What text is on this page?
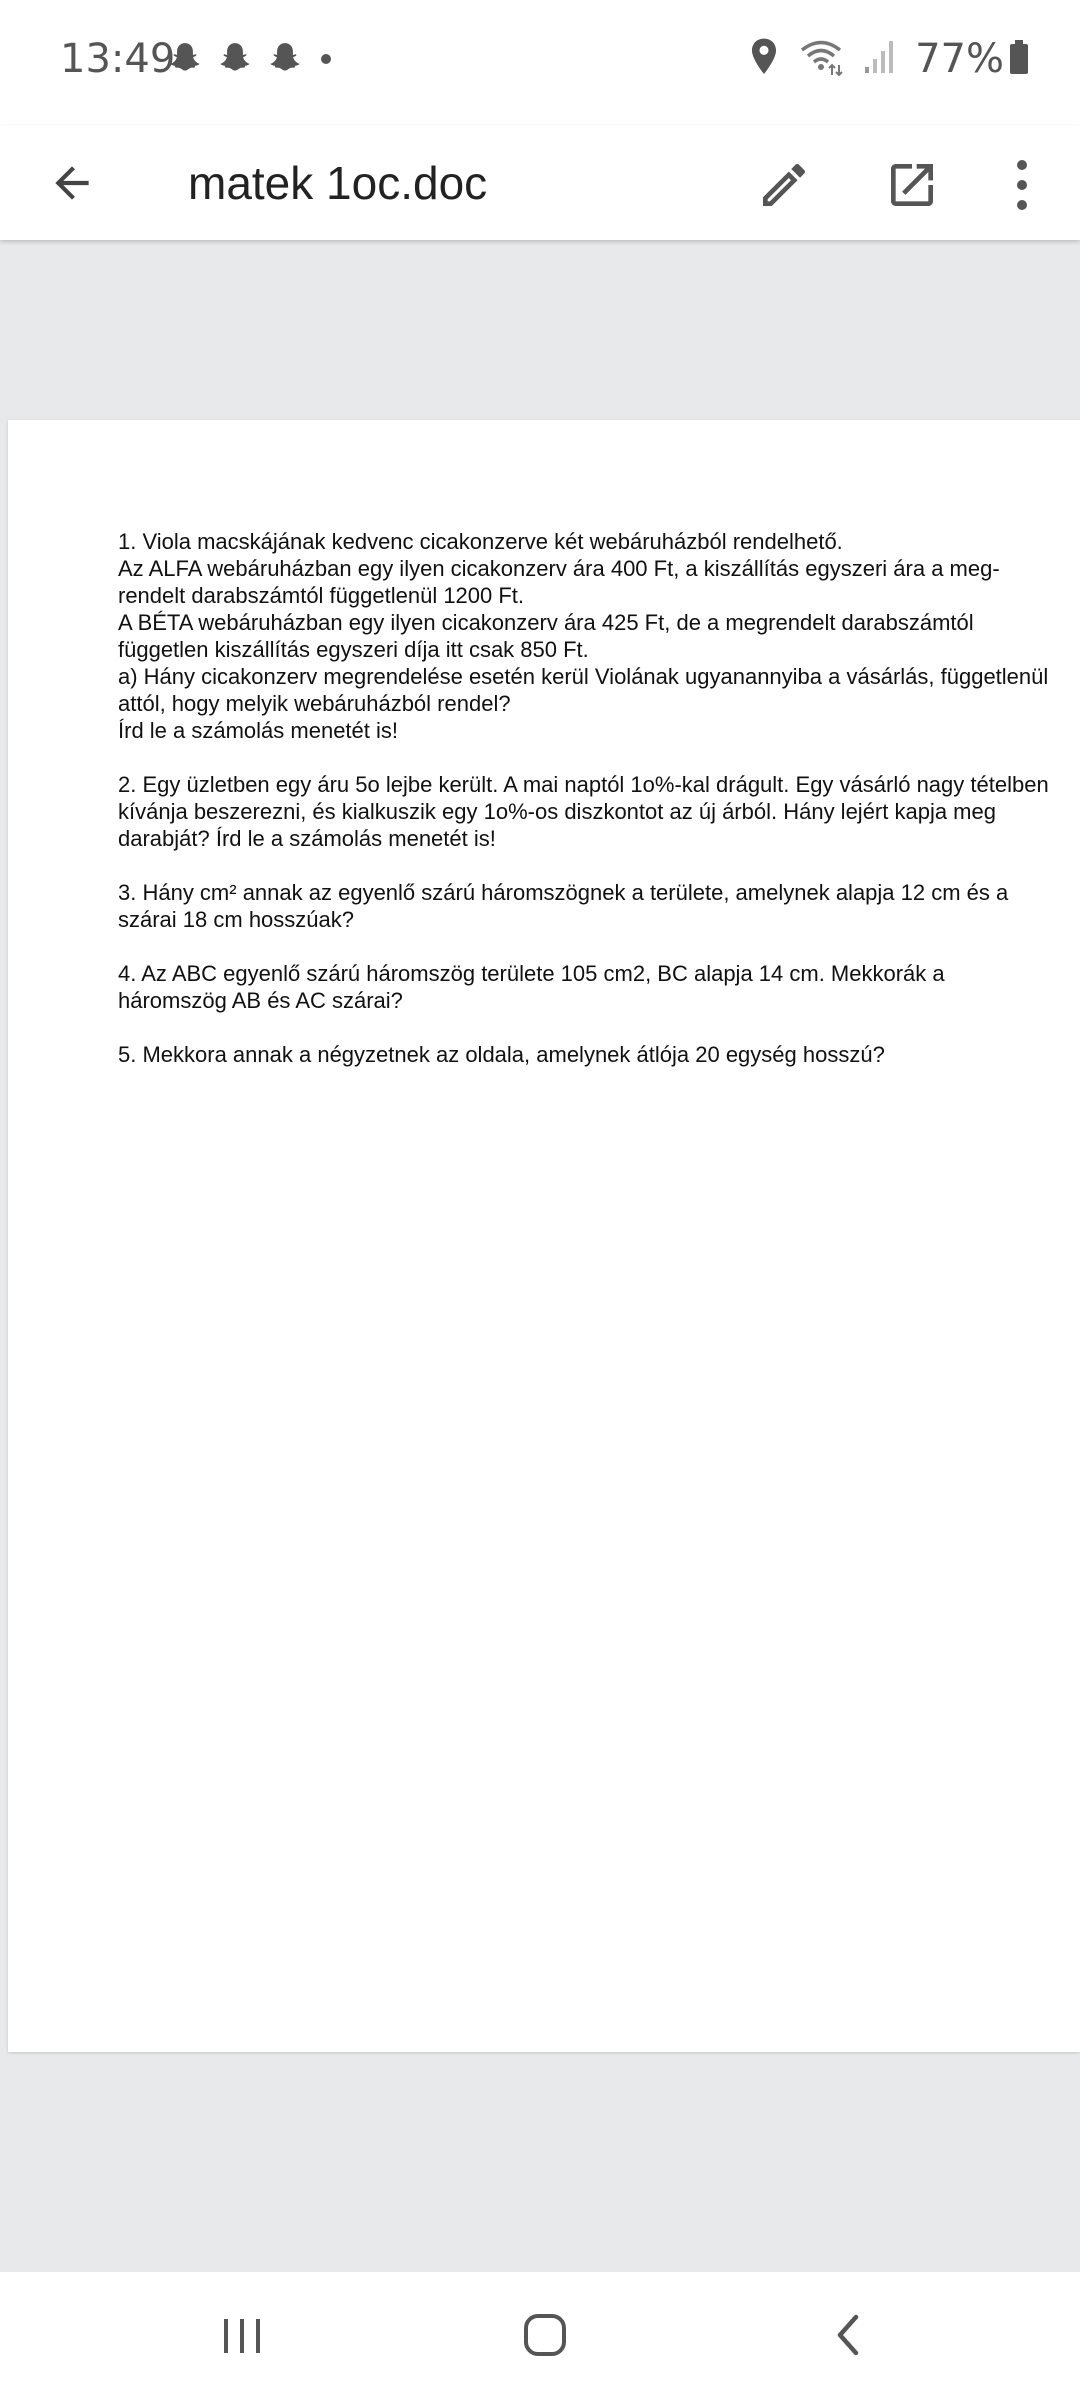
13:49	77%
matek 1oc.doc

1. Viola macskájának kedvenc cicakonzerve két webáruházból rendelhető.
Az ALFA webáruházban egy ilyen cicakonzerv ára 400 Ft, a kiszállítás egyszeri ára a meg-
rendelt darabszámtól függetlenül 1200 Ft.
A BÉTA webáruházban egy ilyen cicakonzerv ára 425 Ft, de a megrendelt darabszámtól független kiszállítás egyszeri díja itt csak 850 Ft.
a) Hány cicakonzerv megrendelése esetén kerül Violának ugyanannyiba a vásárlás, függetlenül attól, hogy melyik webáruházból rendel?
Írd le a számolás menetét is!

2. Egy üzletben egy áru 5o lejbe került. A mai naptól 1o%-kal drágult. Egy vásárló nagy tételben kívánja beszerezni, és kialkuszik egy 1o%-os diszkontot az új árból. Hány lejért kapja meg darabját? Írd le a számolás menetét is!

3. Hány cm² annak az egyenlő szárú háromszögnek a területe, amelynek alapja 12 cm és a szárai 18 cm hosszúak?

4. Az ABC egyenlő szárú háromszög területe 105 cm2, BC alapja 14 cm. Mekkorák a háromszög AB és AC szárai?

5. Mekkora annak a négyzetnek az oldala, amelynek átlója 20 egység hosszú?
